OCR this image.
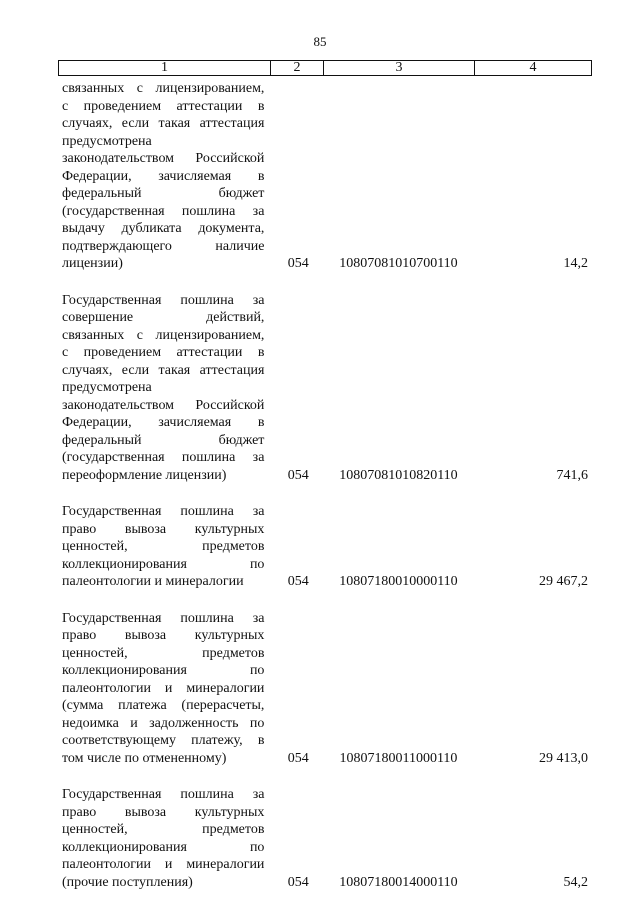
85
1	2	3	4
связанных с лицензированием,
с проведением аттестации в
случаях, если такая аттестация
предусмотрена
законодательством Российской
Федерации, зачисляемая в
федеральный бюджет
(государственная пошлина за
выдачу дубликата документа,
подтверждающего наличие
лицензии)	054	10807081010700110	14,2
Государственная пошлина за
совершение действий,
связанных с лицензированием,
с проведением аттестации в
случаях, если такая аттестация
предусмотрена
законодательством Российской
Федерации, зачисляемая в
федеральный бюджет
(государственная пошлина за
переоформление лицензии)	054	10807081010820110	741,6
Государственная пошлина за
право вывоза культурных
ценностей, предметов
коллекционирования по
палеонтологии и минералогии	054	10807180010000110	29 467,2
Государственная пошлина за
право вывоза культурных
ценностей, предметов
коллекционирования по
палеонтологии и минералогии
(сумма платежа (перерасчеты,
недоимка и задолженность по
соответствующему платежу, в
том числе по отмененному)	054	10807180011000110	29 413,0
Государственная пошлина за
право вывоза культурных
ценностей, предметов
коллекционирования по
палеонтологии и минералогии
(прочие поступления)	054	10807180014000110	54,2
